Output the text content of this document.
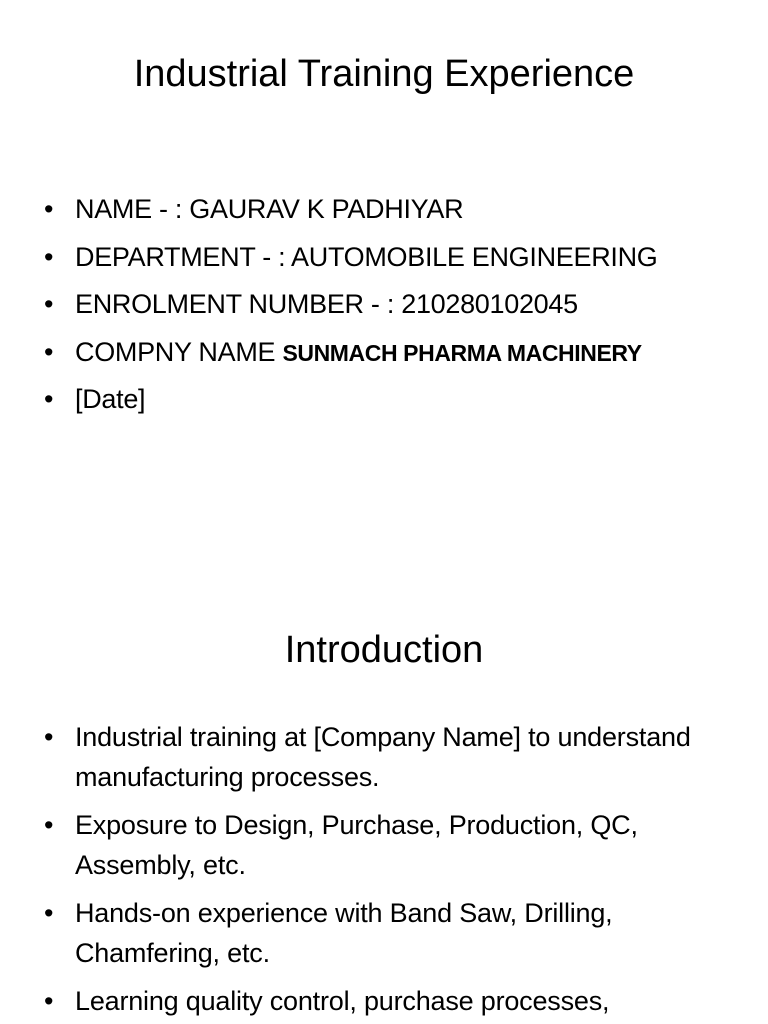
Industrial Training Experience
• NAME - : GAURAV K PADHIYAR
• DEPARTMENT - : AUTOMOBILE ENGINEERING
• ENROLMENT NUMBER - : 210280102045
• COMPNY NAME SUNMACH PHARMA MACHINERY
• [Date]
Introduction
• Industrial training at [Company Name] to understand manufacturing processes.
• Exposure to Design, Purchase, Production, QC, Assembly, etc.
• Hands-on experience with Band Saw, Drilling, Chamfering, etc.
• Learning quality control, purchase processes,
